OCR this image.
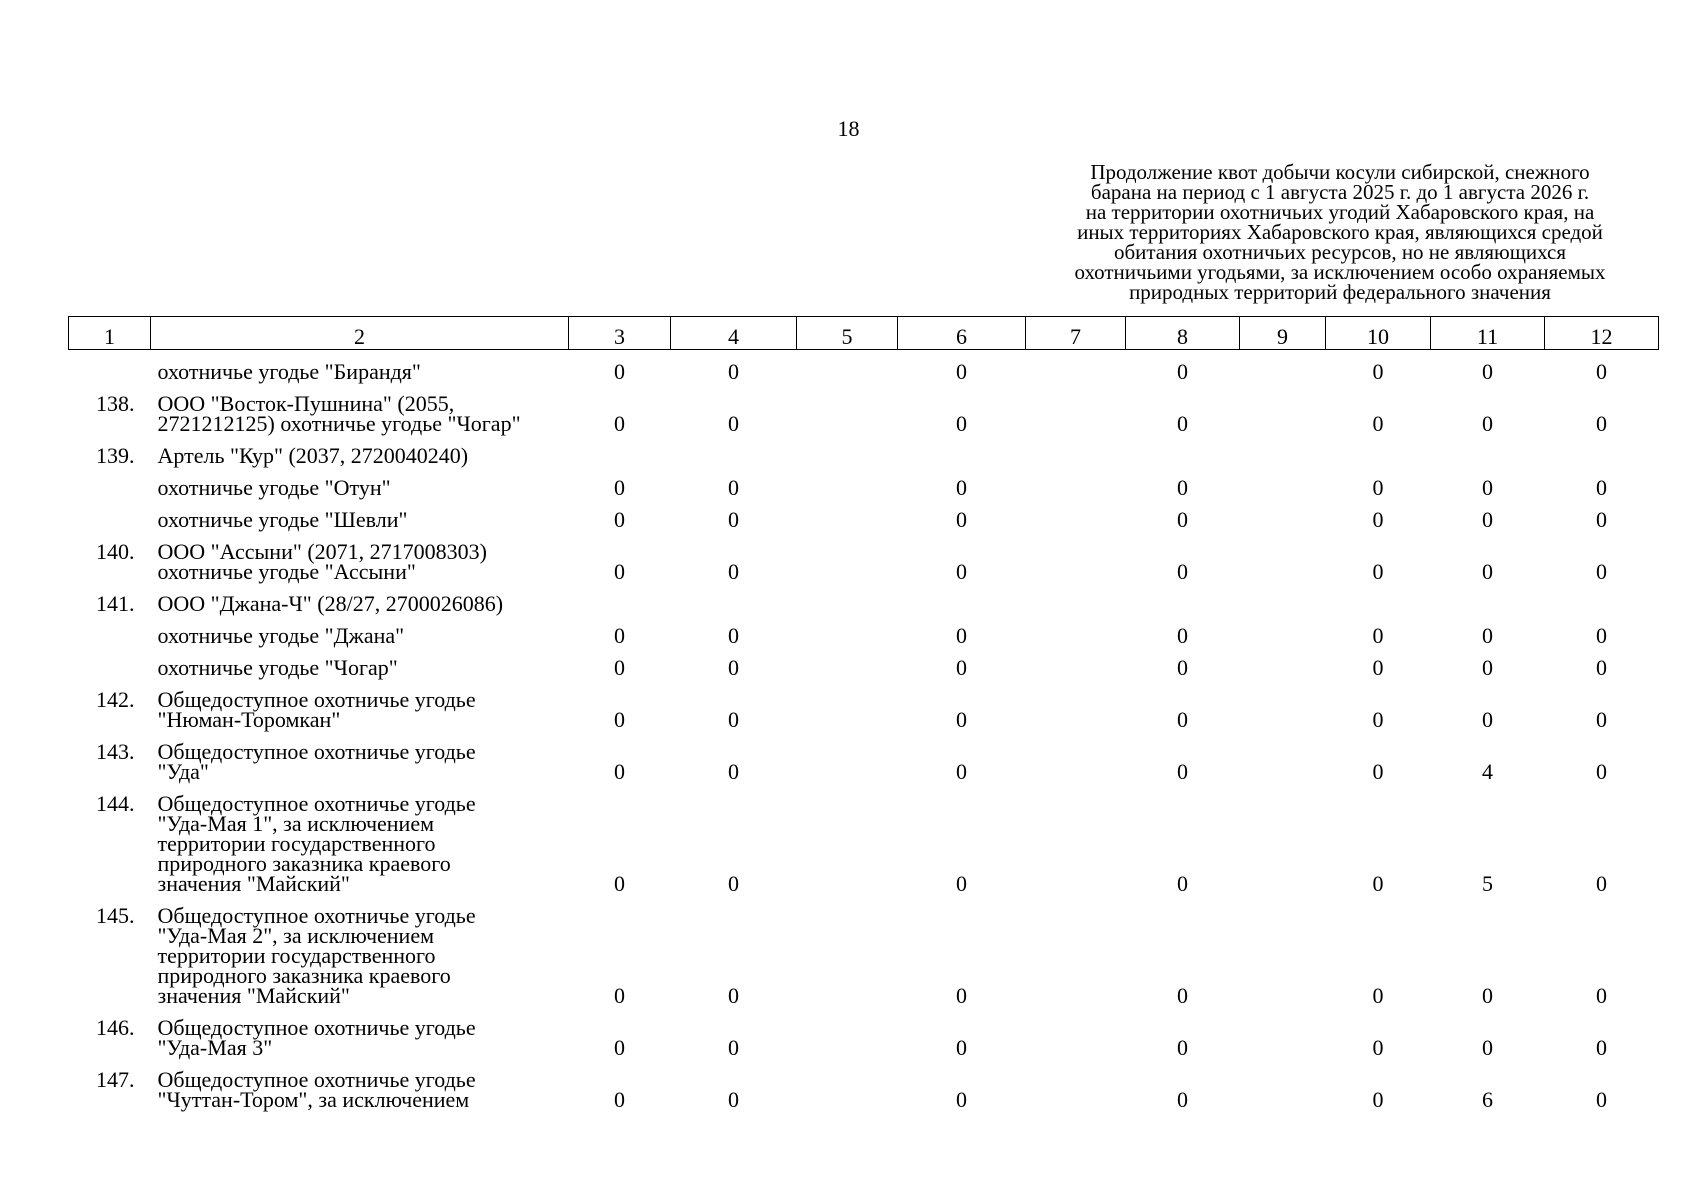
18
Продолжение квот добычи косули сибирской, снежного
барана на период с 1 августа 2025 г. до 1 августа 2026 г.
на территории охотничьих угодий Хабаровского края, на
иных территориях Хабаровского края, являющихся средой
обитания охотничьих ресурсов, но не являющихся
охотничьими угодьями, за исключением особо охраняемых
природных территорий федерального значения
1	2	3	4	5	6	7	8	9	10	11	12
	охотничье угодье "Бирандя"	0	0		0		0		0	0	0
138.	ООО "Восток-Пушнина" (2055,
2721212125) охотничье угодье "Чогар"	0	0		0		0		0	0	0
139.	Артель "Кур" (2037, 2720040240)										
	охотничье угодье "Отун"	0	0		0		0		0	0	0
	охотничье угодье "Шевли"	0	0		0		0		0	0	0
140.	ООО "Ассыни" (2071, 2717008303)
охотничье угодье "Ассыни"	0	0		0		0		0	0	0
141.	ООО "Джана-Ч" (28/27, 2700026086)										
	охотничье угодье "Джана"	0	0		0		0		0	0	0
	охотничье угодье "Чогар"	0	0		0		0		0	0	0
142.	Общедоступное охотничье угодье
"Нюман-Торомкан"	0	0		0		0		0	0	0
143.	Общедоступное охотничье угодье
"Уда"	0	0		0		0		0	4	0
144.	Общедоступное охотничье угодье
"Уда-Мая 1", за исключением
территории государственного
природного заказника краевого
значения "Майский"	0	0		0		0		0	5	0
145.	Общедоступное охотничье угодье
"Уда-Мая 2", за исключением
территории государственного
природного заказника краевого
значения "Майский"	0	0		0		0		0	0	0
146.	Общедоступное охотничье угодье
"Уда-Мая 3"	0	0		0		0		0	0	0
147.	Общедоступное охотничье угодье
"Чуттан-Тором", за исключением	0	0		0		0		0	6	0
